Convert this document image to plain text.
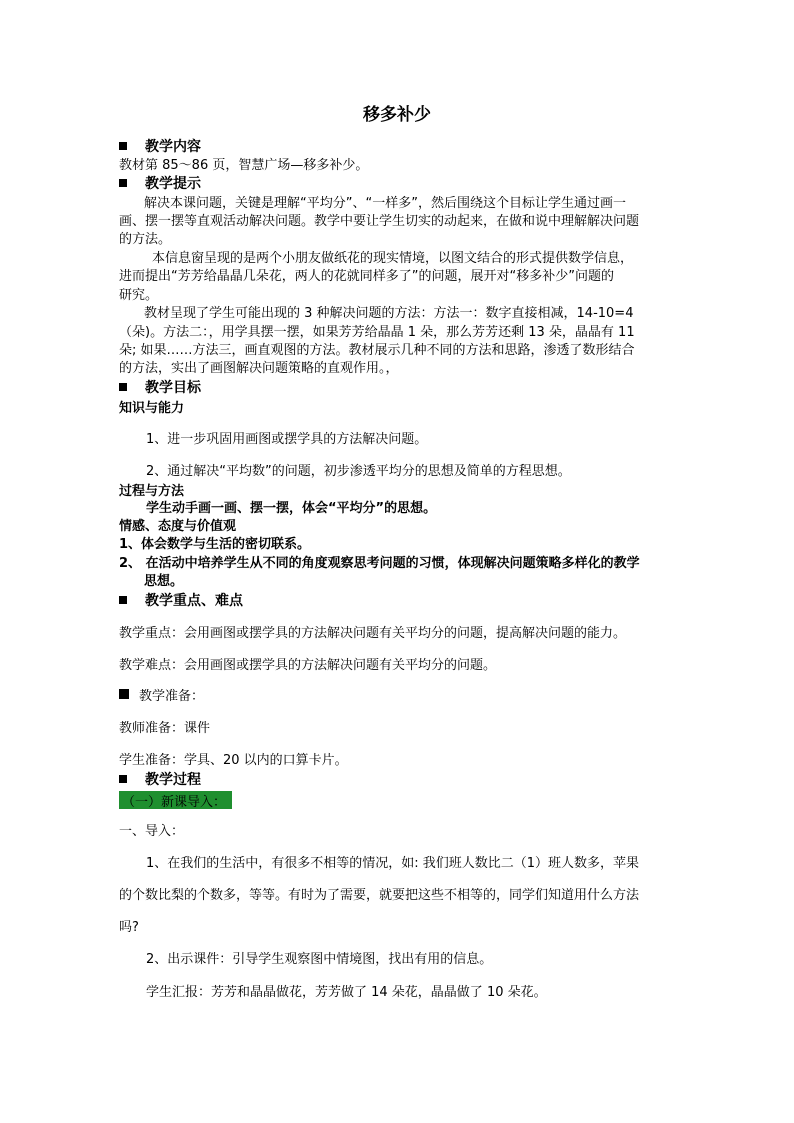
移多补少
教学内容
教材第 85～86 页，智慧广场—移多补少。
教学提示
解决本课问题，关键是理解“平均分”、“一样多”，然后围绕这个目标让学生通过画一
画、摆一摆等直观活动解决问题。教学中要让学生切实的动起来，在做和说中理解解决问题
的方法。
本信息窗呈现的是两个小朋友做纸花的现实情境，以图文结合的形式提供数学信息，
进而提出“芳芳给晶晶几朵花，两人的花就同样多了”的问题，展开对“移多补少”问题的
研究。
教材呈现了学生可能出现的 3 种解决问题的方法：方法一：数字直接相减，14-10=4
（朵)。方法二：，用学具摆一摆，如果芳芳给晶晶 1 朵，那么芳芳还剩 13 朵，晶晶有 11
朵; 如果……方法三，画直观图的方法。教材展示几种不同的方法和思路，渗透了数形结合
的方法，实出了画图解决问题策略的直观作用。，
教学目标
知识与能力
1、进一步巩固用画图或摆学具的方法解决问题。
2、通过解决“平均数”的问题，初步渗透平均分的思想及简单的方程思想。
过程与方法
学生动手画一画、摆一摆，体会“平均分”的思想。
情感、态度与价值观
1、体会数学与生活的密切联系。
2、 在活动中培养学生从不同的角度观察思考问题的习惯，体现解决问题策略多样化的教学
思想。
教学重点、难点
教学重点：会用画图或摆学具的方法解决问题有关平均分的问题，提高解决问题的能力。
教学难点：会用画图或摆学具的方法解决问题有关平均分的问题。
教学准备：
教师准备：课件
学生准备：学具、20 以内的口算卡片。
教学过程
（一）新课导入：
一、导入：
1、在我们的生活中，有很多不相等的情况，如: 我们班人数比二（1）班人数多，苹果
的个数比梨的个数多，等等。有时为了需要，就要把这些不相等的，同学们知道用什么方法
吗?
2、出示课件：引导学生观察图中情境图，找出有用的信息。
学生汇报：芳芳和晶晶做花，芳芳做了 14 朵花，晶晶做了 10 朵花。
